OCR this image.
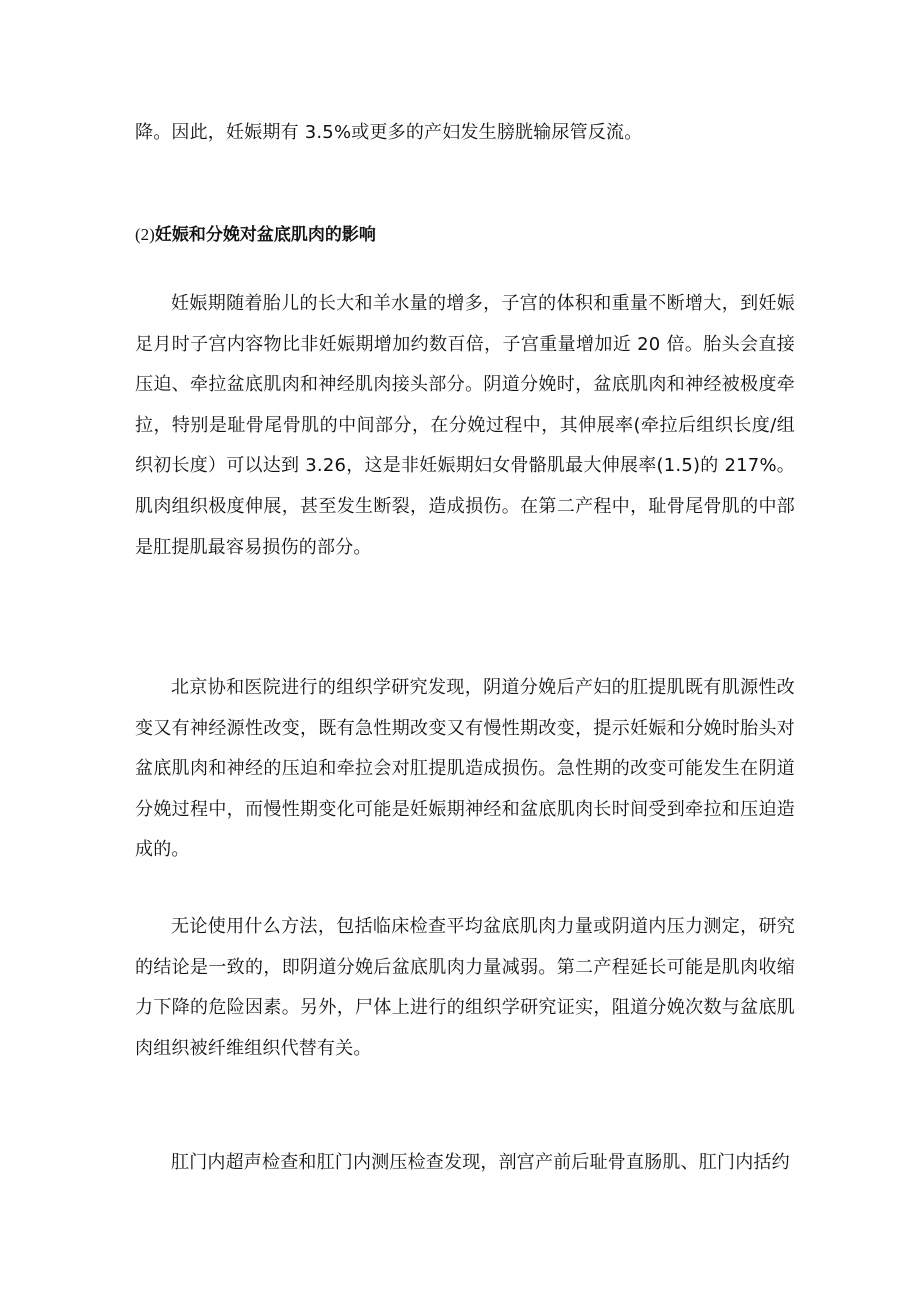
降。因此，妊娠期有 3.5%或更多的产妇发生膀胱输尿管反流。

(2)妊娠和分娩对盆底肌肉的影响

妊娠期随着胎儿的长大和羊水量的增多，子宫的体积和重量不断增大，到妊娠足月时子宫内容物比非妊娠期增加约数百倍，子宫重量增加近 20 倍。胎头会直接压迫、牵拉盆底肌肉和神经肌肉接头部分。阴道分娩时，盆底肌肉和神经被极度牵拉，特别是耻骨尾骨肌的中间部分，在分娩过程中，其伸展率(牵拉后组织长度/组织初长度）可以达到 3.26，这是非妊娠期妇女骨骼肌最大伸展率(1.5)的 217%。肌肉组织极度伸展，甚至发生断裂，造成损伤。在第二产程中，耻骨尾骨肌的中部是肛提肌最容易损伤的部分。

北京协和医院进行的组织学研究发现，阴道分娩后产妇的肛提肌既有肌源性改变又有神经源性改变，既有急性期改变又有慢性期改变，提示妊娠和分娩时胎头对盆底肌肉和神经的压迫和牵拉会对肛提肌造成损伤。急性期的改变可能发生在阴道分娩过程中，而慢性期变化可能是妊娠期神经和盆底肌肉长时间受到牵拉和压迫造成的。

无论使用什么方法，包括临床检查平均盆底肌肉力量或阴道内压力测定，研究的结论是一致的，即阴道分娩后盆底肌肉力量减弱。第二产程延长可能是肌肉收缩力下降的危险因素。另外，尸体上进行的组织学研究证实，阻道分娩次数与盆底肌肉组织被纤维组织代替有关。

肛门内超声检查和肛门内测压检查发现，剖宫产前后耻骨直肠肌、肛门内括约
